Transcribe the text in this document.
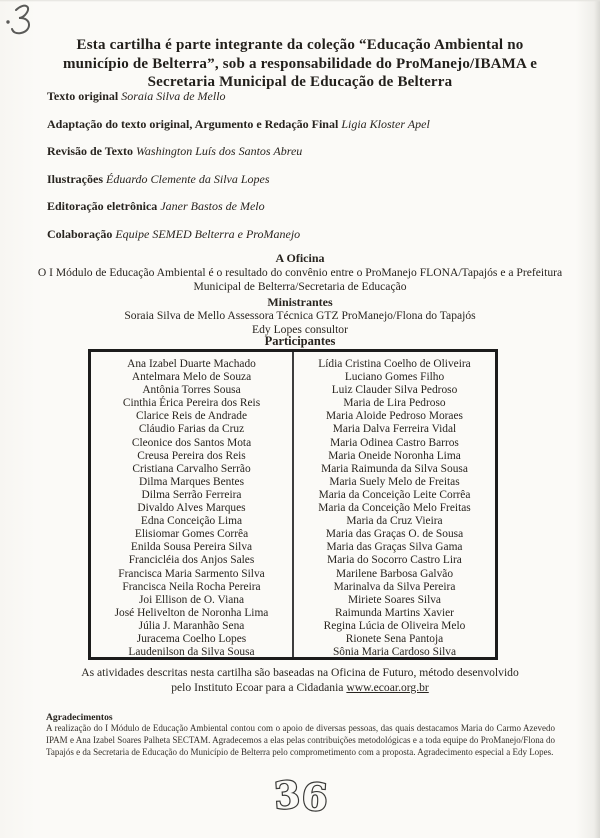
Esta cartilha é parte integrante da coleção “Educação Ambiental no
município de Belterra”, sob a responsabilidade do ProManejo/IBAMA e
Secretaria Municipal de Educação de Belterra
Texto original Soraia Silva de Mello
Adaptação do texto original, Argumento e Redação Final Ligia Kloster Apel
Revisão de Texto Washington Luís dos Santos Abreu
Ilustrações Éduardo Clemente da Silva Lopes
Editoração eletrônica Janer Bastos de Melo
Colaboração Equipe SEMED Belterra e ProManejo
A Oficina
O I Módulo de Educação Ambiental é o resultado do convênio entre o ProManejo FLONA/Tapajós e a Prefeitura
Municipal de Belterra/Secretaria de Educação
Ministrantes
Soraia Silva de Mello Assessora Técnica GTZ ProManejo/Flona do Tapajós
Edy Lopes consultor
Participantes
Ana Izabel Duarte Machado
Antelmara Melo de Souza
Antônia Torres Sousa
Cinthia Érica Pereira dos Reis
Clarice Reis de Andrade
Cláudio Farias da Cruz
Cleonice dos Santos Mota
Creusa Pereira dos Reis
Cristiana Carvalho Serrão
Dilma Marques Bentes
Dilma Serrão Ferreira
Divaldo Alves Marques
Edna Conceição Lima
Elisiomar Gomes Corrêa
Enilda Sousa Pereira Silva
Francicléia dos Anjos Sales
Francisca Maria Sarmento Silva
Francisca Neila Rocha Pereira
Joi Ellison de O. Viana
José Helivelton de Noronha Lima
Júlia J. Maranhão Sena
Juracema Coelho Lopes
Laudenilson da Silva Sousa
Lídia Cristina Coelho de Oliveira
Luciano Gomes Filho
Luiz Clauder Silva Pedroso
Maria de Lira Pedroso
Maria Aloide Pedroso Moraes
Maria Dalva Ferreira Vidal
Maria Odinea Castro Barros
Maria Oneide Noronha Lima
Maria Raimunda da Silva Sousa
Maria Suely Melo de Freitas
Maria da Conceição Leite Corrêa
Maria da Conceição Melo Freitas
Maria da Cruz Vieira
Maria das Graças O. de Sousa
Maria das Graças Silva Gama
Maria do Socorro Castro Lira
Marilene Barbosa Galvão
Marinalva da Silva Pereira
Miriete Soares Silva
Raimunda Martins Xavier
Regina Lúcia de Oliveira Melo
Rionete Sena Pantoja
Sônia Maria Cardoso Silva
As atividades descritas nesta cartilha são baseadas na Oficina de Futuro, método desenvolvido
pelo Instituto Ecoar para a Cidadania www.ecoar.org.br
Agradecimentos
A realização do I Módulo de Educação Ambiental contou com o apoio de diversas pessoas, das quais destacamos Maria do Carmo Azevedo IPAM e Ana Izabel Soares Palheta SECTAM. Agradecemos a elas pelas contribuições metodológicas e a toda equipe do ProManejo/Flona do Tapajós e da Secretaria de Educação do Município de Belterra pelo comprometimento com a proposta. Agradecimento especial a Edy Lopes.
3 6
